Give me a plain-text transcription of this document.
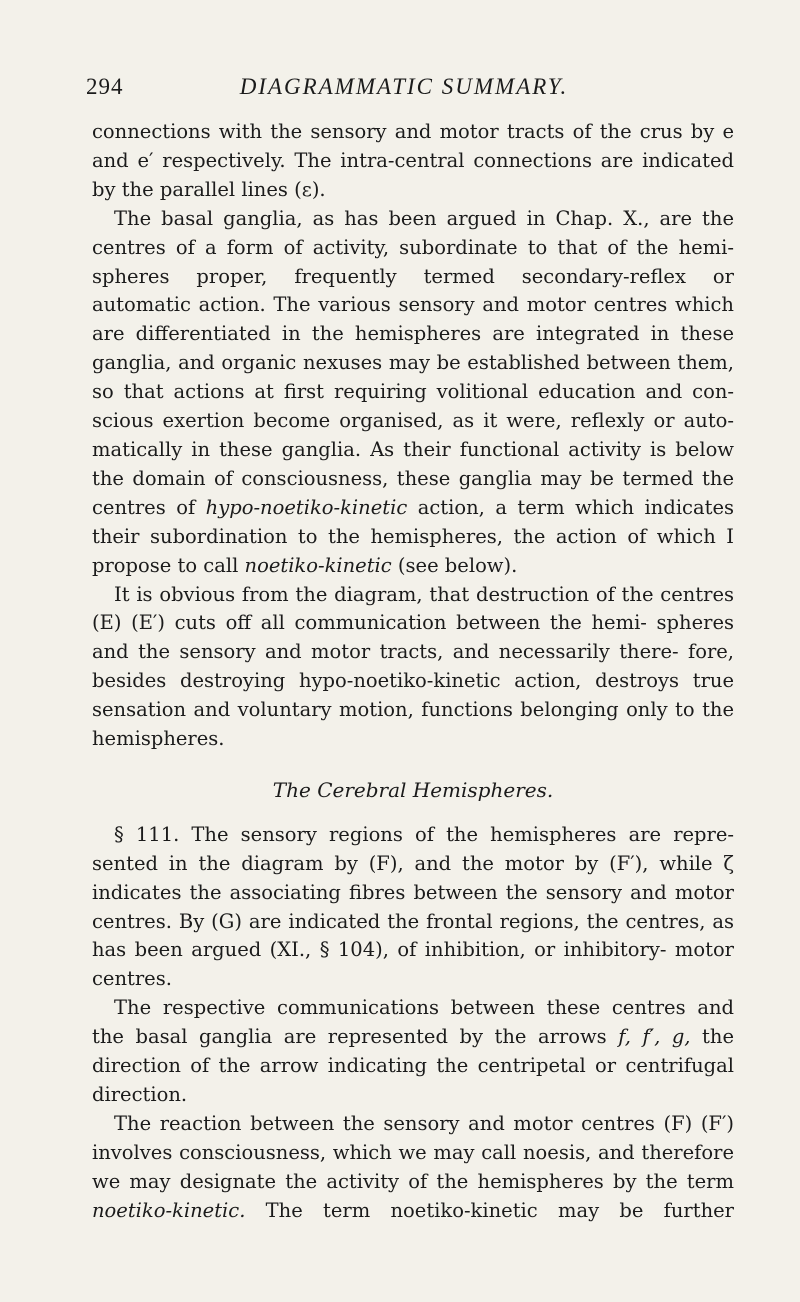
294	DIAGRAMMATIC SUMMARY.

connections with the sensory and motor tracts of the crus by e and e′ respectively. The intra-central connections are indicated by the parallel lines (ε).

The basal ganglia, as has been argued in Chap. X., are the centres of a form of activity, subordinate to that of the hemi- spheres proper, frequently termed secondary-reflex or automatic action. The various sensory and motor centres which are differentiated in the hemispheres are integrated in these ganglia, and organic nexuses may be established between them, so that actions at first requiring volitional education and con- scious exertion become organised, as it were, reflexly or auto- matically in these ganglia. As their functional activity is below the domain of consciousness, these ganglia may be termed the centres of hypo-noetiko-kinetic action, a term which indicates their subordination to the hemispheres, the action of which I propose to call noetiko-kinetic (see below).

It is obvious from the diagram, that destruction of the centres (E) (E′) cuts off all communication between the hemi- spheres and the sensory and motor tracts, and necessarily there- fore, besides destroying hypo-noetiko-kinetic action, destroys true sensation and voluntary motion, functions belonging only to the hemispheres.

The Cerebral Hemispheres.

§ 111. The sensory regions of the hemispheres are repre- sented in the diagram by (F), and the motor by (F′), while ζ indicates the associating fibres between the sensory and motor centres. By (G) are indicated the frontal regions, the centres, as has been argued (XI., § 104), of inhibition, or inhibitory- motor centres.

The respective communications between these centres and the basal ganglia are represented by the arrows f, f′, g, the direction of the arrow indicating the centripetal or centrifugal direction.

The reaction between the sensory and motor centres (F) (F′) involves consciousness, which we may call noesis, and therefore we may designate the activity of the hemispheres by the term noetiko-kinetic. The term noetiko-kinetic may be further
